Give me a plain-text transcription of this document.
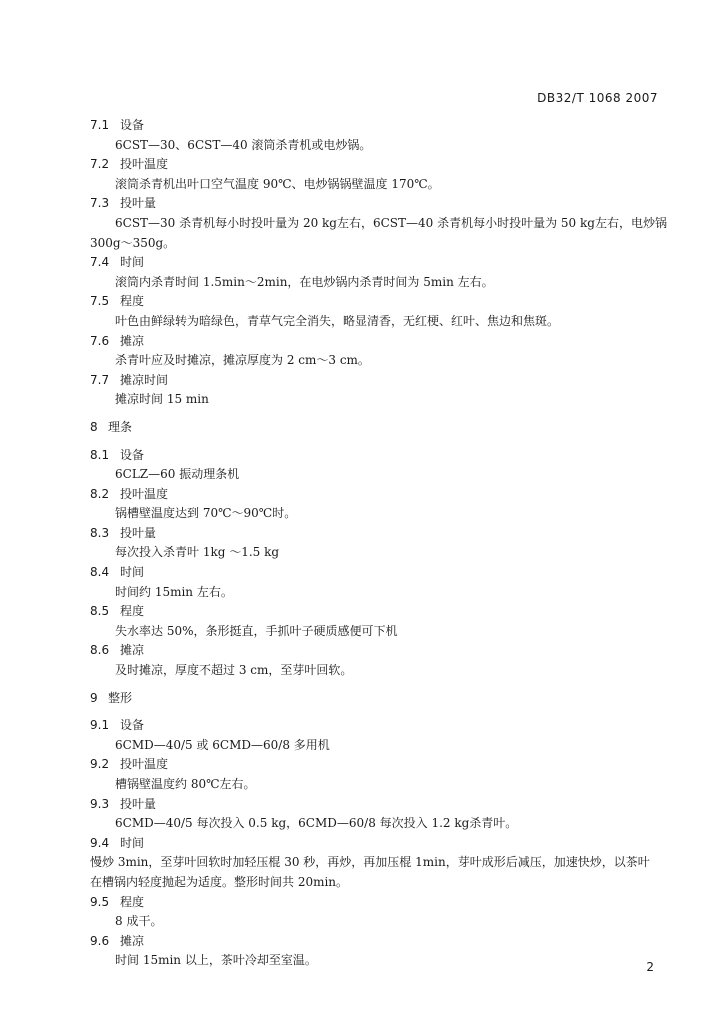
DB32/T 1068 2007
7.1 设备
6CST—30、6CST—40 滚筒杀青机或电炒锅。
7.2 投叶温度
滚筒杀青机出叶口空气温度 90℃、电炒锅锅壁温度 170℃。
7.3 投叶量
6CST—30 杀青机每小时投叶量为 20 kg左右，6CST—40 杀青机每小时投叶量为 50 kg左右，电炒锅
300g～350g。
7.4 时间
滚筒内杀青时间 1.5min～2min，在电炒锅内杀青时间为 5min 左右。
7.5 程度
叶色由鲜绿转为暗绿色，青草气完全消失，略显清香，无红梗、红叶、焦边和焦斑。
7.6 摊凉
杀青叶应及时摊凉，摊凉厚度为 2 cm～3 cm。
7.7 摊凉时间
摊凉时间 15 min
8 理条
8.1 设备
6CLZ—60 振动理条机
8.2 投叶温度
锅槽壁温度达到 70℃～90℃时。
8.3 投叶量
每次投入杀青叶 1kg ～1.5 kg
8.4 时间
时间约 15min 左右。
8.5 程度
失水率达 50%，条形挺直，手抓叶子硬质感便可下机
8.6 摊凉
及时摊凉，厚度不超过 3 cm，至芽叶回软。
9 整形
9.1 设备
6CMD—40/5 或 6CMD—60/8 多用机
9.2 投叶温度
槽锅壁温度约 80℃左右。
9.3 投叶量
6CMD—40/5 每次投入 0.5 kg，6CMD—60/8 每次投入 1.2 kg杀青叶。
9.4 时间
慢炒 3min，至芽叶回软时加轻压棍 30 秒，再炒，再加压棍 1min，芽叶成形后减压，加速快炒，以茶叶在槽锅内轻度抛起为适度。整形时间共 20min。
9.5 程度
8 成干。
9.6 摊凉
时间 15min 以上，茶叶冷却至室温。	2
